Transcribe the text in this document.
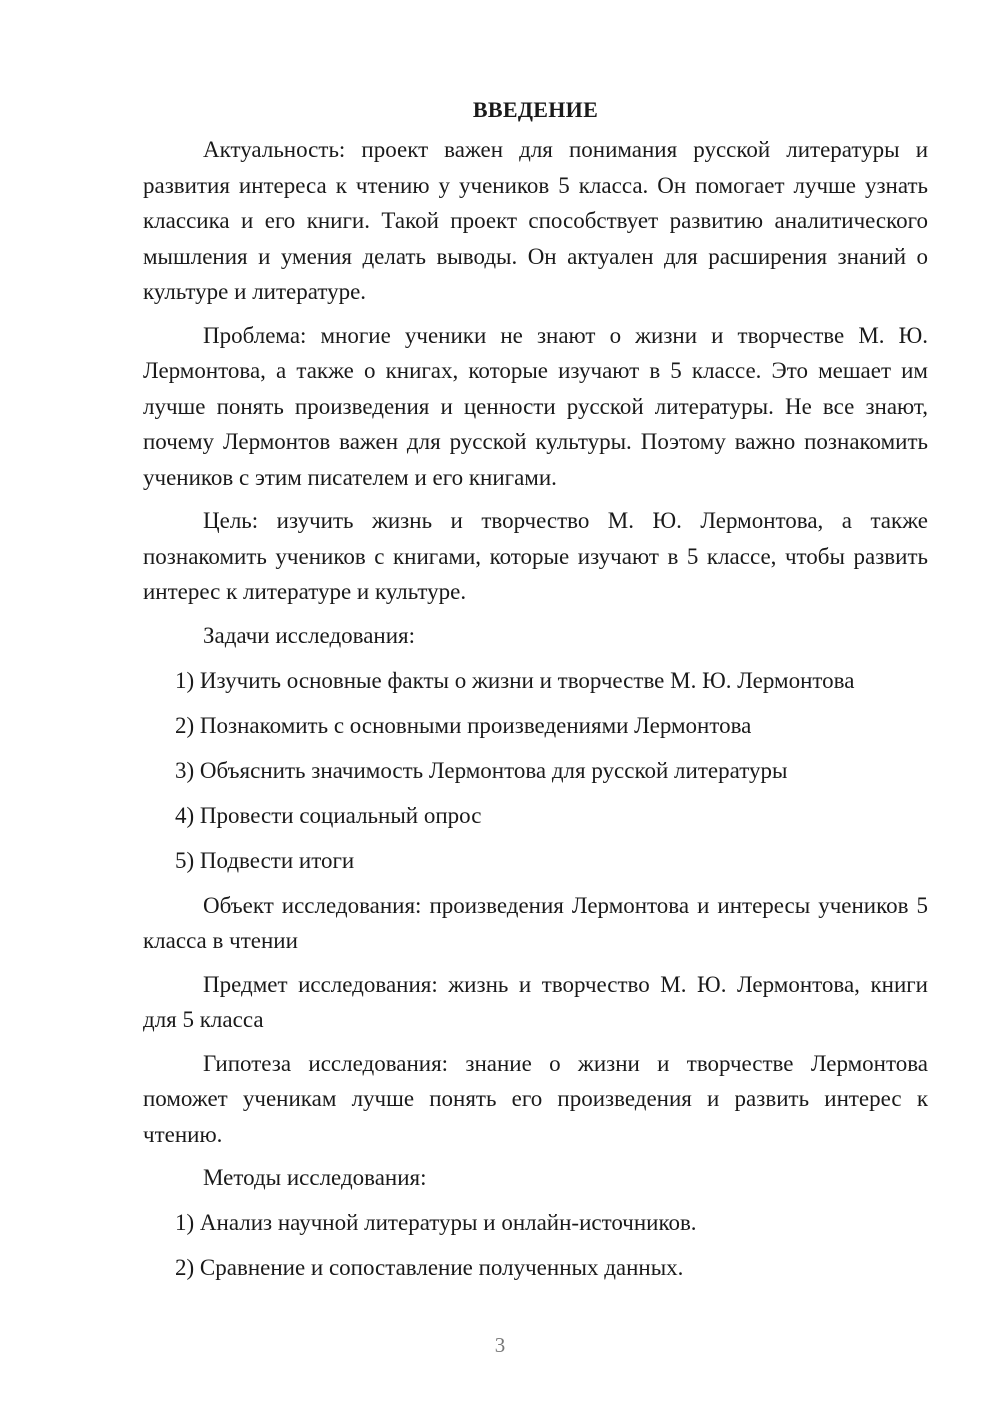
ВВЕДЕНИЕ

Актуальность: проект важен для понимания русской литературы и развития интереса к чтению у учеников 5 класса. Он помогает лучше узнать классика и его книги. Такой проект способствует развитию аналитического мышления и умения делать выводы. Он актуален для расширения знаний о культуре и литературе.

Проблема: многие ученики не знают о жизни и творчестве М. Ю. Лермонтова, а также о книгах, которые изучают в 5 классе. Это мешает им лучше понять произведения и ценности русской литературы. Не все знают, почему Лермонтов важен для русской культуры. Поэтому важно познакомить учеников с этим писателем и его книгами.

Цель: изучить жизнь и творчество М. Ю. Лермонтова, а также познакомить учеников с книгами, которые изучают в 5 классе, чтобы развить интерес к литературе и культуре.

Задачи исследования:

1) Изучить основные факты о жизни и творчестве М. Ю. Лермонтова

2) Познакомить с основными произведениями Лермонтова

3) Объяснить значимость Лермонтова для русской литературы

4) Провести социальный опрос

5) Подвести итоги

Объект исследования: произведения Лермонтова и интересы учеников 5 класса в чтении

Предмет исследования: жизнь и творчество М. Ю. Лермонтова, книги для 5 класса

Гипотеза исследования: знание о жизни и творчестве Лермонтова поможет ученикам лучше понять его произведения и развить интерес к чтению.

Методы исследования:

1) Анализ научной литературы и онлайн-источников.

2) Сравнение и сопоставление полученных данных.

3
